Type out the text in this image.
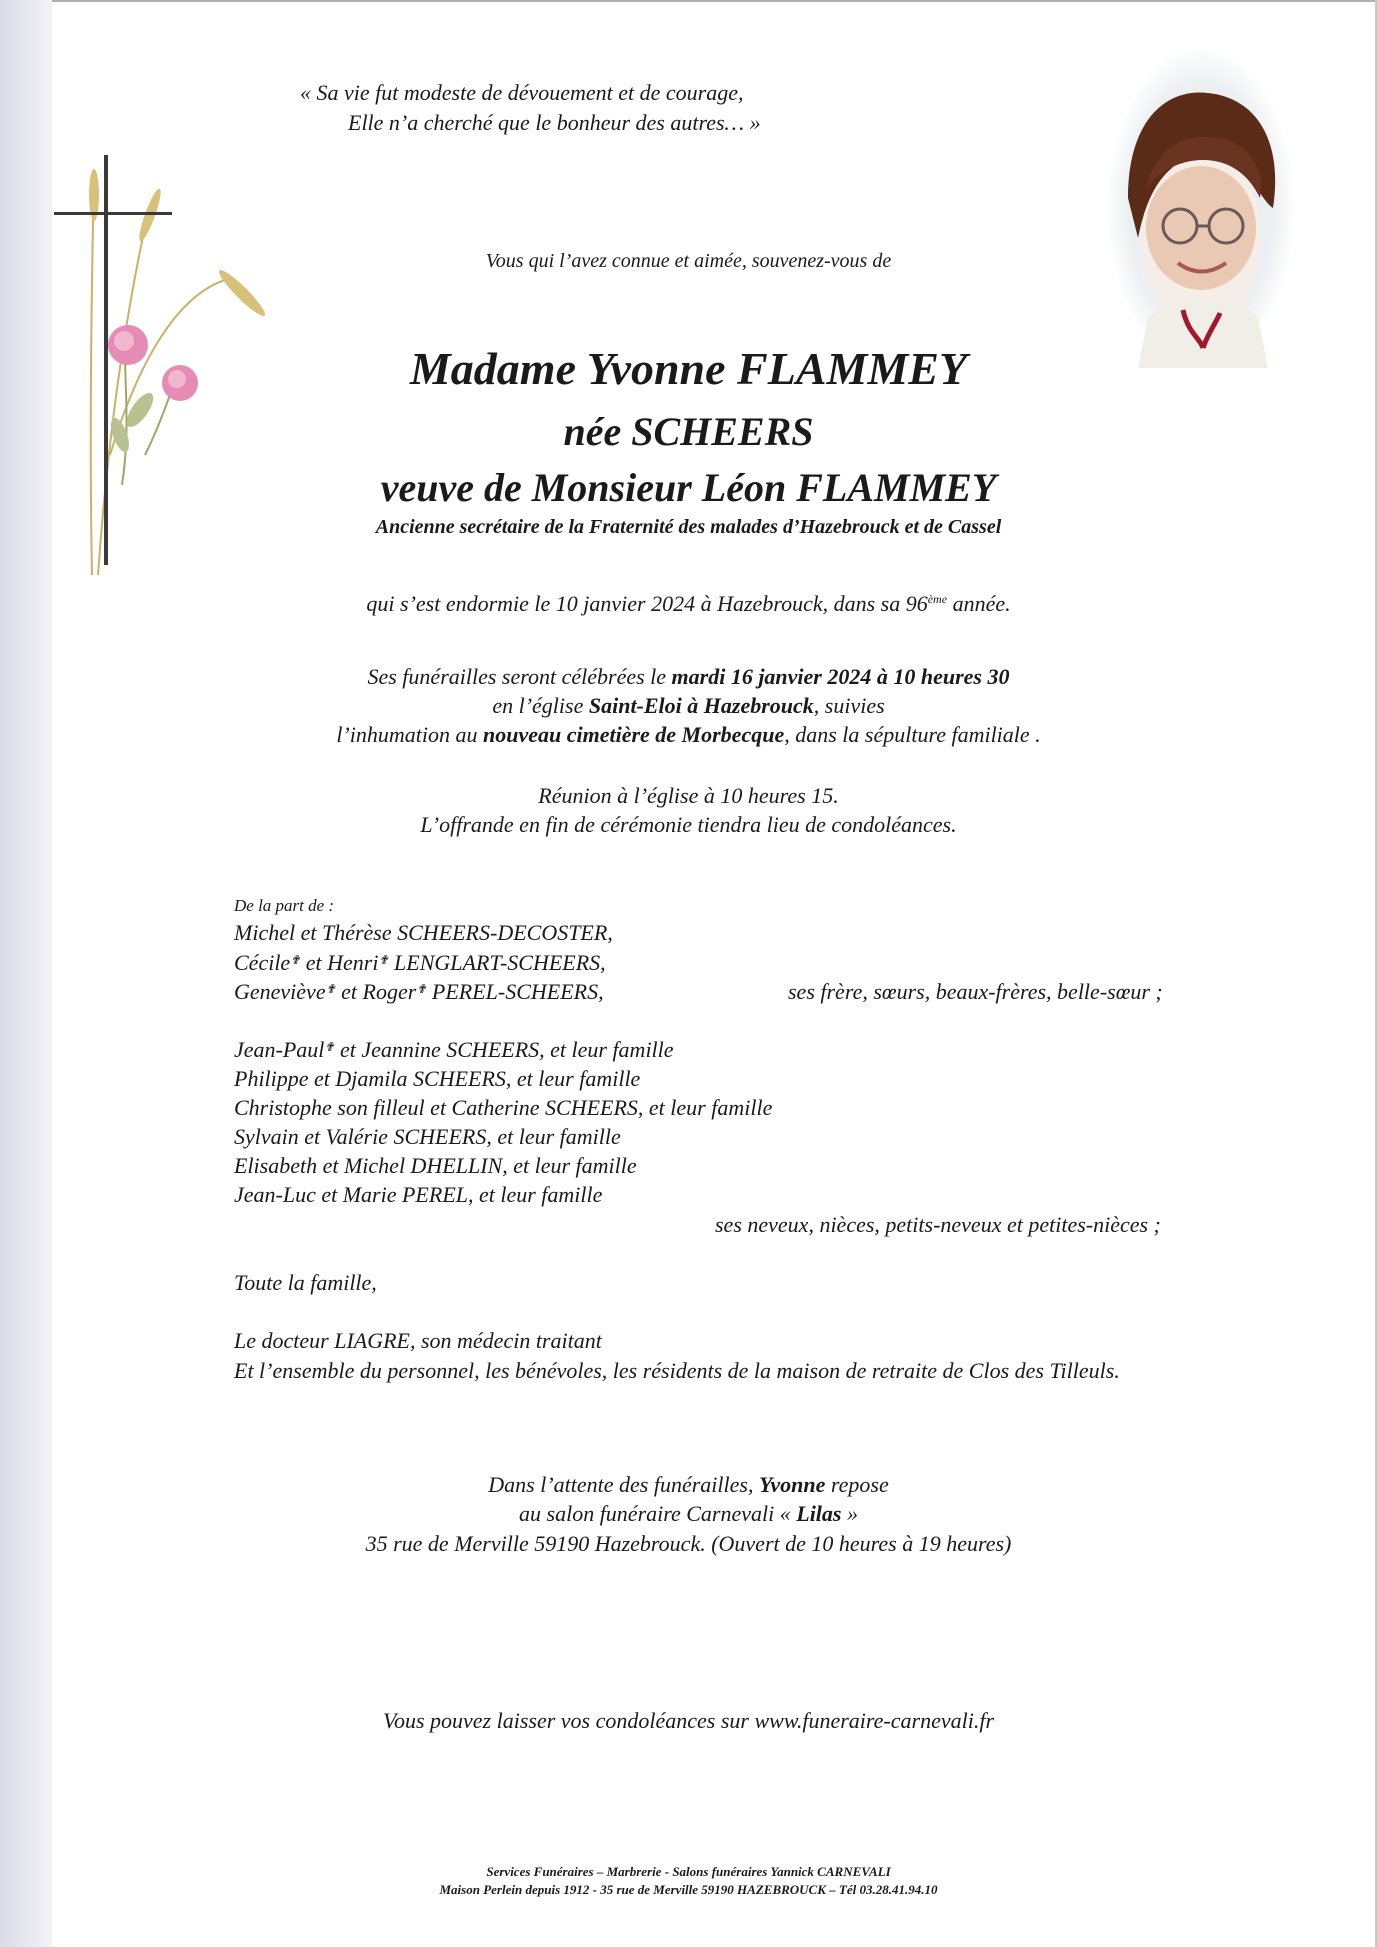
« Sa vie fut modeste de dévouement et de courage,
Elle n’a cherché que le bonheur des autres… »
Vous qui l’avez connue et aimée, souvenez-vous de
Madame Yvonne FLAMMEY
née SCHEERS
veuve de Monsieur Léon FLAMMEY
Ancienne secrétaire de la Fraternité des malades d’Hazebrouck et de Cassel
qui s’est endormie le 10 janvier 2024 à Hazebrouck, dans sa 96ème année.
Ses funérailles seront célébrées le mardi 16 janvier 2024 à 10 heures 30
en l’église Saint-Eloi à Hazebrouck, suivies
l’inhumation au nouveau cimetière de Morbecque, dans la sépulture familiale .
Réunion à l’église à 10 heures 15.
L’offrande en fin de cérémonie tiendra lieu de condoléances.
De la part de :
Michel et Thérèse SCHEERS-DECOSTER,
Cécile✟ et Henri✟ LENGLART-SCHEERS,
Geneviève✟ et Roger✟ PEREL-SCHEERS,	ses frère, sœurs, beaux-frères, belle-sœur ;
Jean-Paul✟ et Jeannine SCHEERS, et leur famille
Philippe et Djamila SCHEERS, et leur famille
Christophe son filleul et Catherine SCHEERS, et leur famille
Sylvain et Valérie SCHEERS, et leur famille
Elisabeth et Michel DHELLIN, et leur famille
Jean-Luc et Marie PEREL, et leur famille
ses neveux, nièces, petits-neveux et petites-nièces ;
Toute la famille,
Le docteur LIAGRE, son médecin traitant
Et l’ensemble du personnel, les bénévoles, les résidents de la maison de retraite de Clos des Tilleuls.
Dans l’attente des funérailles, Yvonne repose
au salon funéraire Carnevali « Lilas »
35 rue de Merville 59190 Hazebrouck. (Ouvert de 10 heures à 19 heures)
Vous pouvez laisser vos condoléances sur www.funeraire-carnevali.fr
Services Funéraires – Marbrerie - Salons funéraires Yannick CARNEVALI
Maison Perlein depuis 1912 - 35 rue de Merville 59190 HAZEBROUCK – Tél 03.28.41.94.10
